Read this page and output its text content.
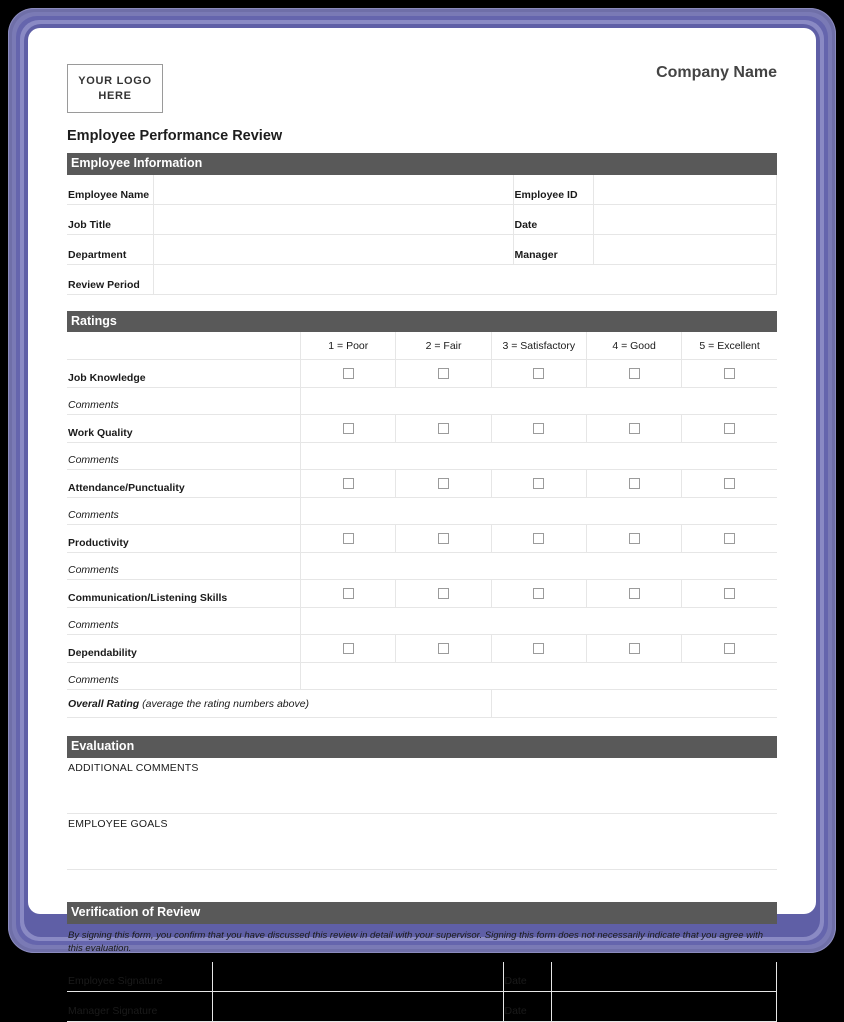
YOUR LOGO
HERE
Company Name
Employee Performance Review
Employee Information
Employee Name		Employee ID	
Job Title		Date	
Department		Manager	
Review Period			
Ratings
	1 = Poor	2 = Fair	3 = Satisfactory	4 = Good	5 = Excellent
Job Knowledge					
Comments					
Work Quality					
Comments					
Attendance/Punctuality					
Comments					
Productivity					
Comments					
Communication/Listening Skills					
Comments					
Dependability					
Comments					
Overall Rating (average the rating numbers above)					
Evaluation
ADDITIONAL COMMENTS
EMPLOYEE GOALS
Verification of Review
By signing this form, you confirm that you have discussed this review in detail with your supervisor. Signing this form does not necessarily indicate that you agree with this evaluation.
Employee Signature		Date	
Manager Signature		Date	
